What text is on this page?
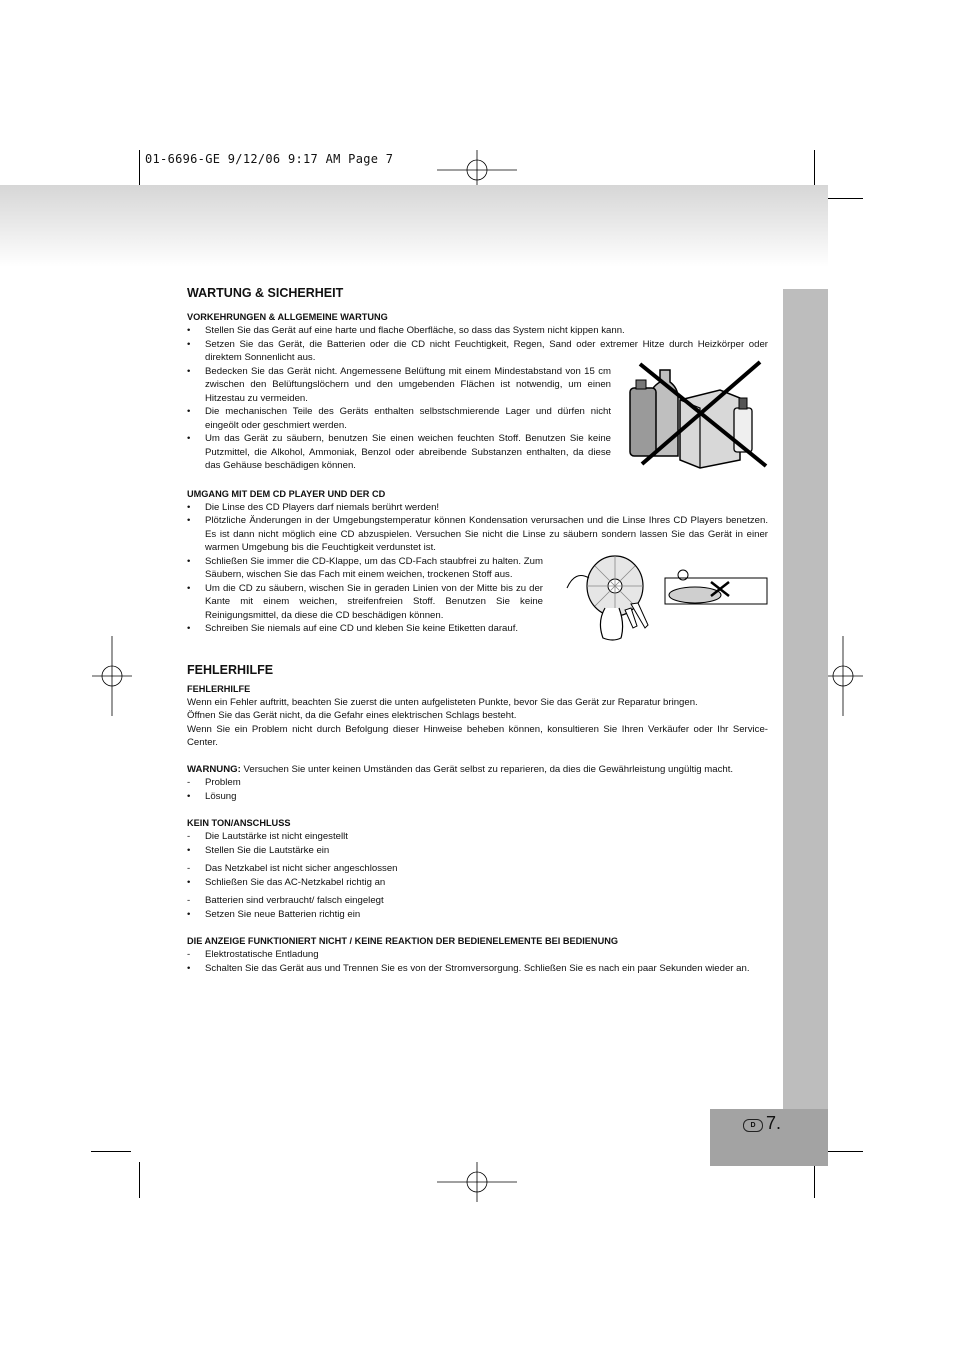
01-6696-GE 9/12/06 9:17 AM Page 7
D 7.
WARTUNG & SICHERHEIT
VORKEHRUNGEN & ALLGEMEINE WARTUNG
•	Stellen Sie das Gerät auf eine harte und flache Oberfläche, so dass das System nicht kippen kann.
•	Setzen Sie das Gerät, die Batterien oder die CD nicht Feuchtigkeit, Regen, Sand oder extremer Hitze durch Heizkörper oder direktem Sonnenlicht aus.
•	Bedecken Sie das Gerät nicht. Angemessene Belüftung mit einem Mindestabstand von 15 cm zwischen den Belüftungslöchern und den umgebenden Flächen ist notwendig, um einen Hitzestau zu vermeiden.
•	Die mechanischen Teile des Geräts enthalten selbstschmierende Lager und dürfen nicht eingeölt oder geschmiert werden.
•	Um das Gerät zu säubern, benutzen Sie einen weichen feuchten Stoff. Benutzen Sie keine Putzmittel, die Alkohol, Ammoniak, Benzol oder abreibende Substanzen enthalten, da diese das Gehäuse beschädigen können.
UMGANG MIT DEM CD PLAYER UND DER CD
•	Die Linse des CD Players darf niemals berührt werden!
•	Plötzliche Änderungen in der Umgebungstemperatur können Kondensation verursachen und die Linse Ihres CD Players benetzen. Es ist dann nicht möglich eine CD abzuspielen. Versuchen Sie nicht die Linse zu säubern sondern lassen Sie das Gerät in einer warmen Umgebung bis die Feuchtigkeit verdunstet ist.
•	Schließen Sie immer die CD-Klappe, um das CD-Fach staubfrei zu halten. Zum Säubern, wischen Sie das Fach mit einem weichen, trockenen Stoff aus.
•	Um die CD zu säubern, wischen Sie in geraden Linien von der Mitte bis zu der Kante mit einem weichen, streifenfreien Stoff. Benutzen Sie keine Reinigungsmittel, da diese die CD beschädigen können.
•	Schreiben Sie niemals auf eine CD und kleben Sie keine Etiketten darauf.
FEHLERHILFE
FEHLERHILFE

Wenn ein Fehler auftritt, beachten Sie zuerst die unten aufgelisteten Punkte, bevor Sie das Gerät zur Reparatur bringen.

Öffnen Sie das Gerät nicht, da die Gefahr eines elektrischen Schlags besteht.

Wenn Sie ein Problem nicht durch Befolgung dieser Hinweise beheben können, konsultieren Sie Ihren Verkäufer oder Ihr Service-Center.

WARNUNG: Versuchen Sie unter keinen Umständen das Gerät selbst zu reparieren, da dies die Gewährleistung ungültig macht.

-	Problem
•	Lösung
KEIN TON/ANSCHLUSS
-	Die Lautstärke ist nicht eingestellt
•	Stellen Sie die Lautstärke ein
-	Das Netzkabel ist nicht sicher angeschlossen
•	Schließen Sie das AC-Netzkabel richtig an
-	Batterien sind verbraucht/ falsch eingelegt
•	Setzen Sie neue Batterien richtig ein
DIE ANZEIGE FUNKTIONIERT NICHT / KEINE REAKTION DER BEDIENELEMENTE BEI BEDIENUNG
-	Elektrostatische Entladung
•	Schalten Sie das Gerät aus und Trennen Sie es von der Stromversorgung. Schließen Sie es nach ein paar Sekunden wieder an.
